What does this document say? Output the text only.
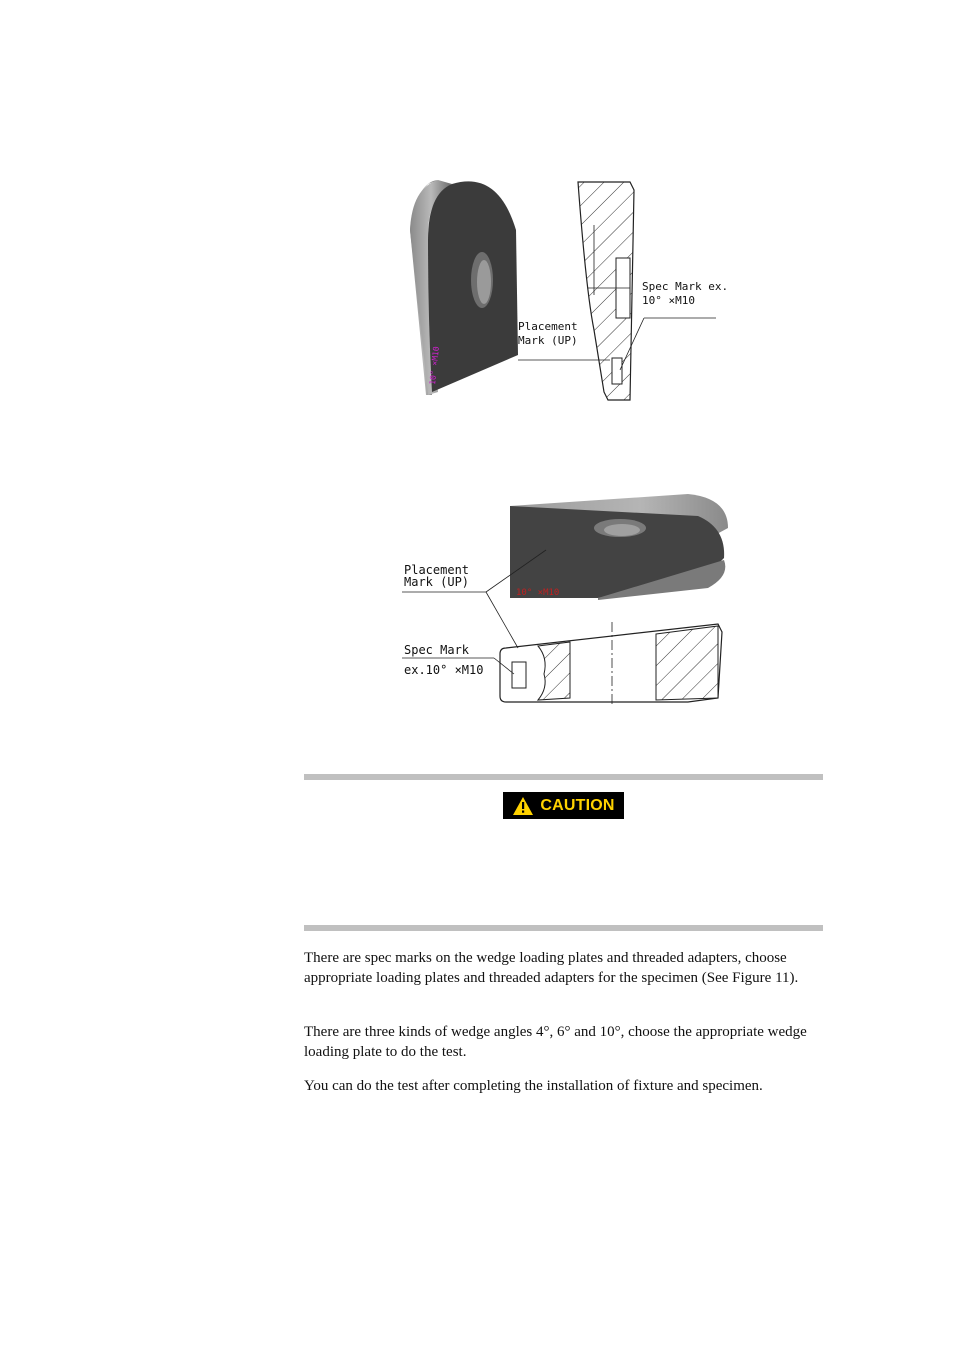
10° ×M10
Placement
Mark (UP)
Spec Mark ex.
10° ×M10
10° ×M10
Placement
Mark (UP)
Spec Mark
ex.10° ×M10
CAUTION

There are spec marks on the wedge loading plates and threaded adapters, choose appropriate loading plates and threaded adapters for the specimen (See Figure 11).

There are three kinds of wedge angles 4°, 6° and 10°, choose the appropriate wedge loading plate to do the test.

You can do the test after completing the installation of fixture and specimen.
